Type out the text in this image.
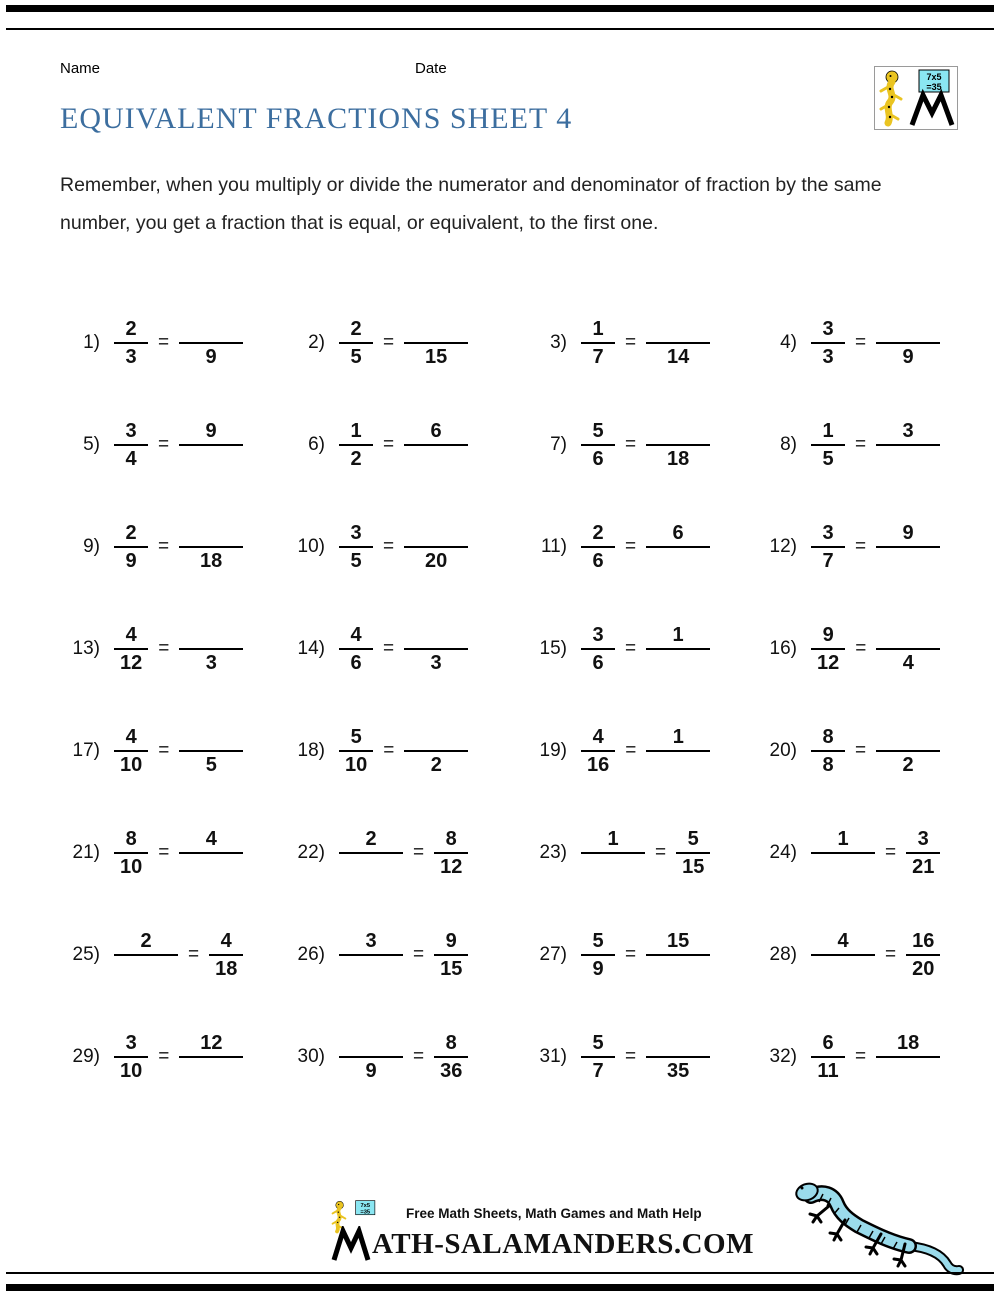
Name	Date	7x5
=35
EQUIVALENT FRACTIONS SHEET 4

Remember, when you multiply or divide the numerator and denominator of fraction by the same number, you get a fraction that is equal, or equivalent, to the first one.

$1) \frac{2}{3}$ =
9
$2) \frac{2}{5}$ =
15
$3) \frac{1}{7}$ =
14
$4) \frac{3}{3}$ =
9
$5) \frac{3}{4}$ =
9
$6) \frac{1}{2}$ =
6
$7) \frac{5}{6}$ =
18
$8) \frac{1}{5}$ =
3
$9) \frac{2}{9}$ =
18
$10) \frac{3}{5}$ =
20
$11) \frac{2}{6}$ =
6
$12) \frac{3}{7}$ =
9
$13) \frac{4}{12}$ =
3
$14) \frac{4}{6}$ =
3
$15) \frac{3}{6}$ =
1
$16) \frac{9}{12}$ =
4
$17) \frac{4}{10}$ =
5
$18) \frac{5}{10}$ =
2
$19) \frac{4}{16}$ =
1
$20) \frac{8}{8}$ =
2
$21) \frac{8}{10}$ =
4
22)
2
= $\frac{8}{12}$	23)
1
= $\frac{5}{15}$	24)
1
= $\frac{3}{21}$
25)
2
= $\frac{4}{18}$	26)
3
= $\frac{9}{15}$	$27) \frac{5}{9}$ =
15
28)
4
= $\frac{16}{20}$
$29) \frac{3}{10}$ =
12
30)
9
= $\frac{8}{36}$	$31) \frac{5}{7}$ =
35
$32) \frac{6}{11}$ =
18
7x5
=35	Free Math Sheets, Math Games and Math Help
ATH-SALAMANDERS.COM
